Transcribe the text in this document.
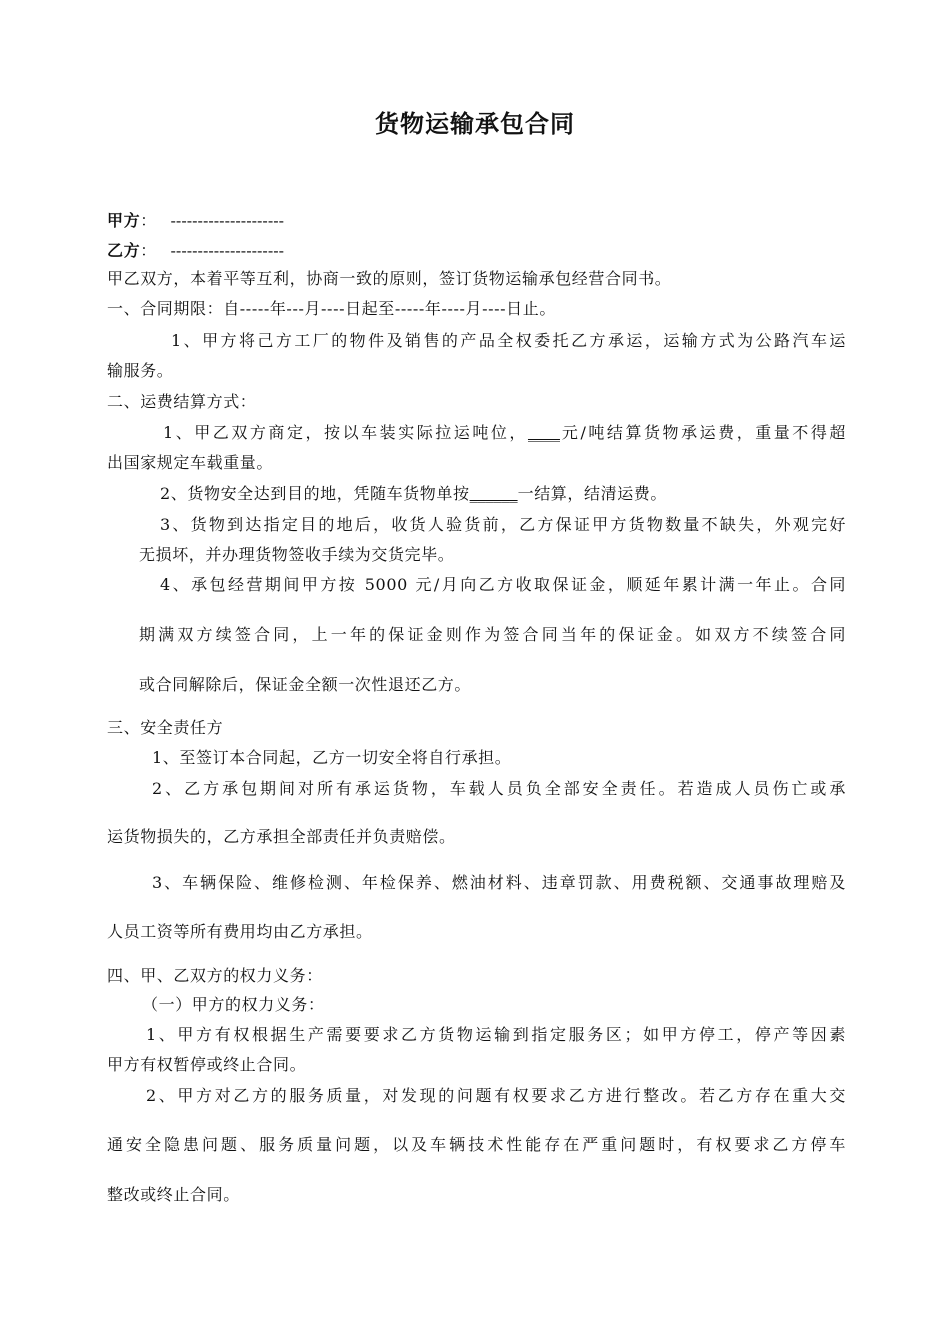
货物运输承包合同
甲方： ---------------------
乙方： ---------------------
甲乙双方，本着平等互利，协商一致的原则，签订货物运输承包经营合同书。
一、合同期限：自-----年---月----日起至-----年----月----日止。
1、甲方将己方工厂的物件及销售的产品全权委托乙方承运，运输方式为公路汽车运
输服务。
二、运费结算方式：
1、甲乙双方商定，按以车装实际拉运吨位，____元/吨结算货物承运费，重量不得超
出国家规定车载重量。
2、货物安全达到目的地，凭随车货物单按______一结算，结清运费。
3、货物到达指定目的地后，收货人验货前，乙方保证甲方货物数量不缺失，外观完好
无损坏，并办理货物签收手续为交货完毕。
4、承包经营期间甲方按 5000 元/月向乙方收取保证金，顺延年累计满一年止。合同
期满双方续签合同，上一年的保证金则作为签合同当年的保证金。如双方不续签合同
或合同解除后，保证金全额一次性退还乙方。
三、安全责任方
1、至签订本合同起，乙方一切安全将自行承担。
2、乙方承包期间对所有承运货物，车载人员负全部安全责任。若造成人员伤亡或承
运货物损失的，乙方承担全部责任并负责赔偿。
3、车辆保险、维修检测、年检保养、燃油材料、违章罚款、用费税额、交通事故理赔及
人员工资等所有费用均由乙方承担。
四、甲、乙双方的权力义务：
（一）甲方的权力义务：
1、甲方有权根据生产需要要求乙方货物运输到指定服务区；如甲方停工，停产等因素
甲方有权暂停或终止合同。
2、甲方对乙方的服务质量，对发现的问题有权要求乙方进行整改。若乙方存在重大交
通安全隐患问题、服务质量问题，以及车辆技术性能存在严重问题时，有权要求乙方停车
整改或终止合同。
